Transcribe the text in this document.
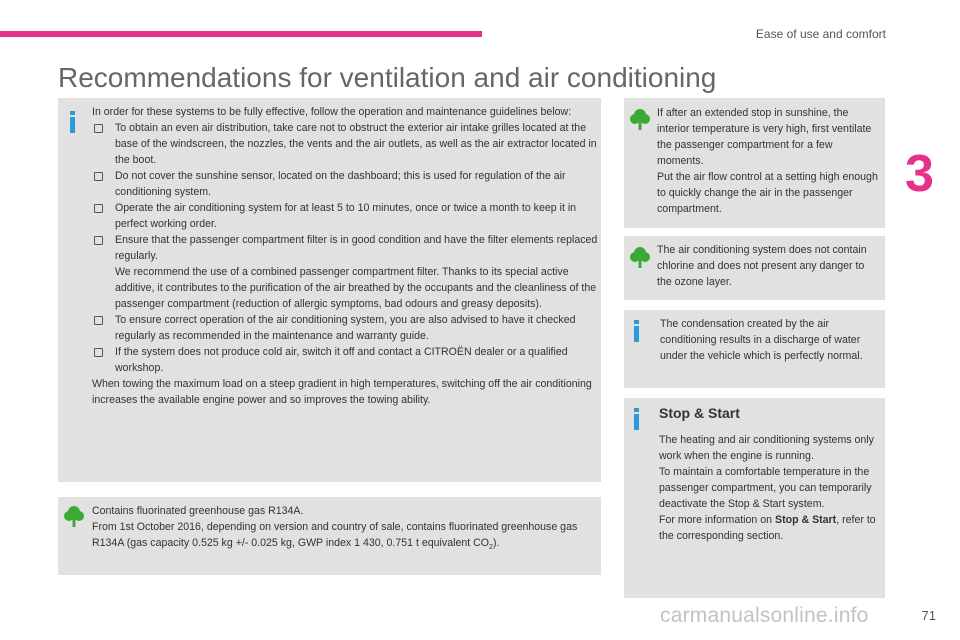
Ease of use and comfort
3
Recommendations for ventilation and air conditioning

In order for these systems to be fully effective, follow the operation and maintenance guidelines below:

To obtain an even air distribution, take care not to obstruct the exterior air intake grilles located at the base of the windscreen, the nozzles, the vents and the air outlets, as well as the air extractor located in the boot.
Do not cover the sunshine sensor, located on the dashboard; this is used for regulation of the air conditioning system.
Operate the air conditioning system for at least 5 to 10 minutes, once or twice a month to keep it in perfect working order.
Ensure that the passenger compartment filter is in good condition and have the filter elements replaced regularly.
We recommend the use of a combined passenger compartment filter. Thanks to its special active additive, it contributes to the purification of the air breathed by the occupants and the cleanliness of the passenger compartment (reduction of allergic symptoms, bad odours and greasy deposits).
To ensure correct operation of the air conditioning system, you are also advised to have it checked regularly as recommended in the maintenance and warranty guide.
If the system does not produce cold air, switch it off and contact a CITROËN dealer or a qualified workshop.

When towing the maximum load on a steep gradient in high temperatures, switching off the air conditioning increases the available engine power and so improves the towing ability.

Contains fluorinated greenhouse gas R134A.

From 1st October 2016, depending on version and country of sale, contains fluorinated greenhouse gas R134A (gas capacity 0.525 kg +/- 0.025 kg, GWP index 1 430, 0.751 t equivalent $CO_2$).

If after an extended stop in sunshine, the interior temperature is very high, first ventilate the passenger compartment for a few moments.

Put the air flow control at a setting high enough to quickly change the air in the passenger compartment.

The air conditioning system does not contain chlorine and does not present any danger to the ozone layer.

The condensation created by the air conditioning results in a discharge of water under the vehicle which is perfectly normal.

Stop & Start

The heating and air conditioning systems only work when the engine is running.

To maintain a comfortable temperature in the passenger compartment, you can temporarily deactivate the Stop & Start system.

For more information on Stop & Start, refer to the corresponding section.

carmanualsonline.info	71
